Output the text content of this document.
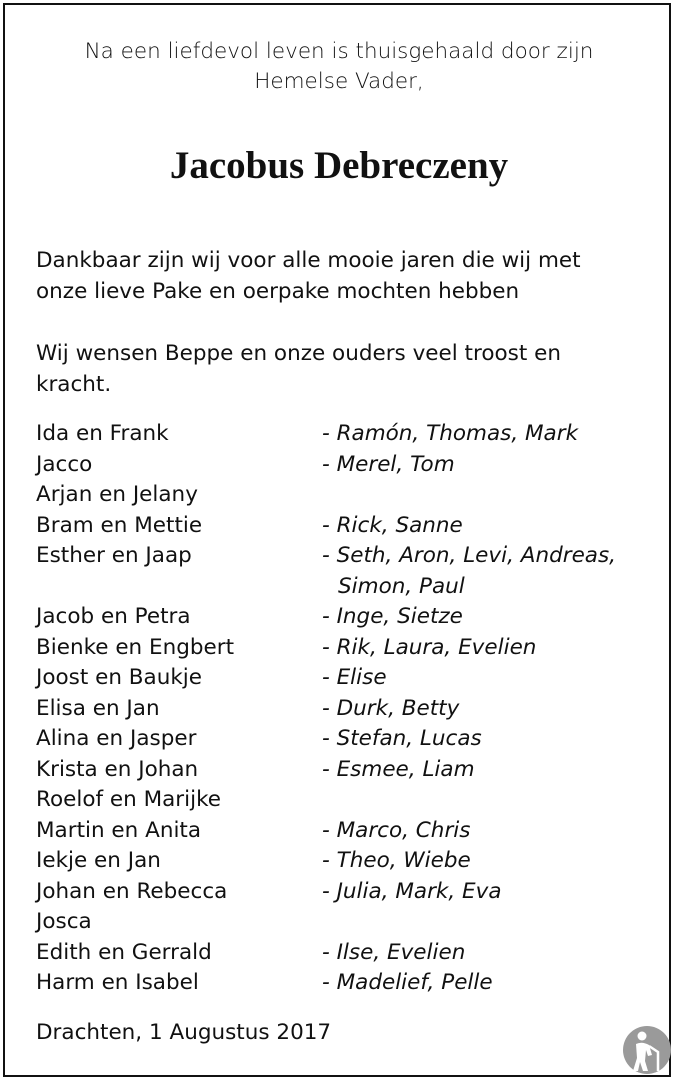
Na een liefdevol leven is thuisgehaald door zijn
Hemelse Vader,
Jacobus Debreczeny
Dankbaar zijn wij voor alle mooie jaren die wij met
onze lieve Pake en oerpake mochten hebben
Wij wensen Beppe en onze ouders veel troost en
kracht.
Ida en Frank	- Ramón, Thomas, Mark
Jacco	- Merel, Tom
Arjan en Jelany
Bram en Mettie	- Rick, Sanne
Esther en Jaap	- Seth, Aron, Levi, Andreas,
Simon, Paul
Jacob en Petra	- Inge, Sietze
Bienke en Engbert	- Rik, Laura, Evelien
Joost en Baukje	- Elise
Elisa en Jan	- Durk, Betty
Alina en Jasper	- Stefan, Lucas
Krista en Johan	- Esmee, Liam
Roelof en Marijke
Martin en Anita	- Marco, Chris
Iekje en Jan	- Theo, Wiebe
Johan en Rebecca	- Julia, Mark, Eva
Josca
Edith en Gerrald	- Ilse, Evelien
Harm en Isabel	- Madelief, Pelle
Drachten, 1 Augustus 2017
